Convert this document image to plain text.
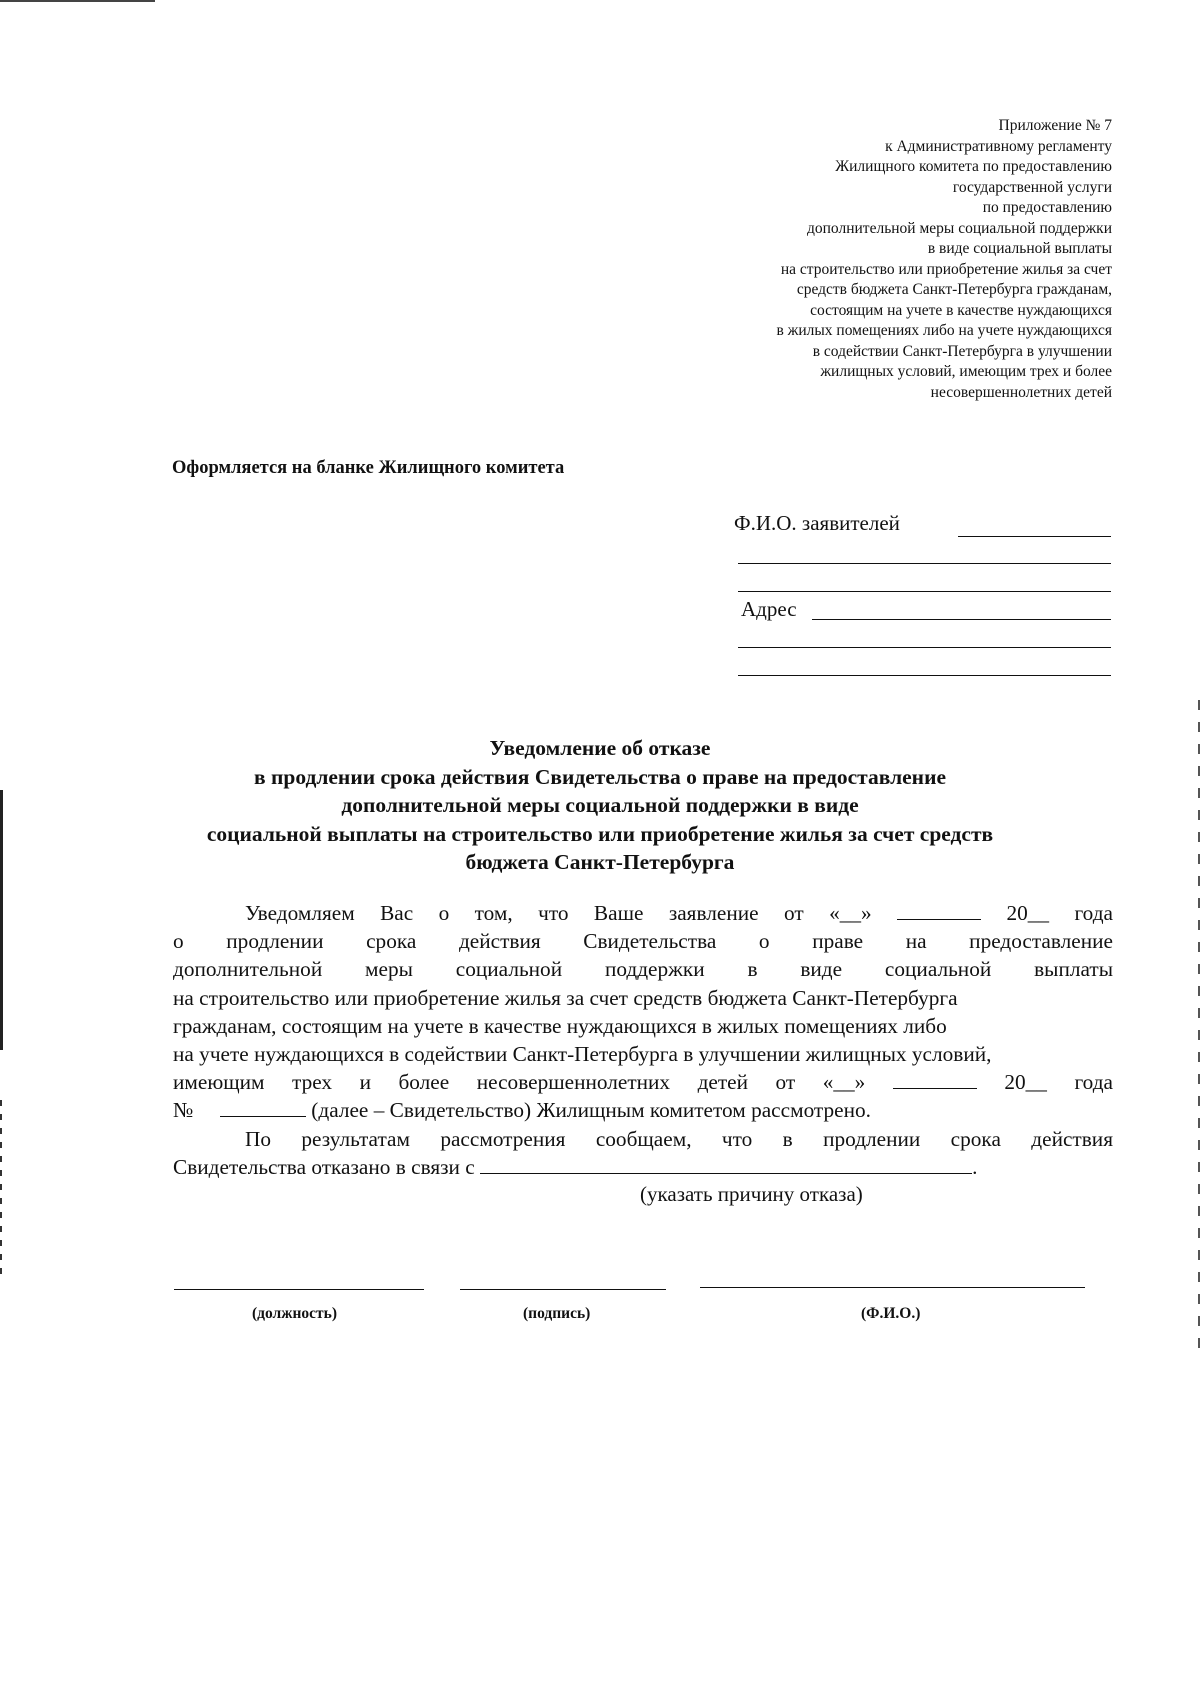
Приложение № 7
к Административному регламенту
Жилищного комитета по предоставлению
государственной услуги
по предоставлению
дополнительной меры социальной поддержки
в виде социальной выплаты
на строительство или приобретение жилья за счет
средств бюджета Санкт-Петербурга гражданам,
состоящим на учете в качестве нуждающихся
в жилых помещениях либо на учете нуждающихся
в содействии Санкт-Петербурга в улучшении
жилищных условий, имеющим трех и более
несовершеннолетних детей
Оформляется на бланке Жилищного комитета
Ф.И.О. заявителей
Адрес
Уведомление об отказе
в продлении срока действия Свидетельства о праве на предоставление
дополнительной меры социальной поддержки в виде
социальной выплаты на строительство или приобретение жилья за счет средств
бюджета Санкт-Петербурга
Уведомляем Вас о том, что Ваше заявление от «__»	20__ года
о продлении срока действия Свидетельства о праве на предоставление
дополнительной меры социальной поддержки в виде социальной выплаты
на строительство или приобретение жилья за счет средств бюджета Санкт-Петербурга
гражданам, состоящим на учете в качестве нуждающихся в жилых помещениях либо
на учете нуждающихся в содействии Санкт-Петербурга в улучшении жилищных условий,
имеющим трех и более несовершеннолетних детей от «__»	20__ года
№	(далее – Свидетельство) Жилищным комитетом рассмотрено.
По результатам рассмотрения сообщаем, что в продлении срока действия
Свидетельства отказано в связи с	.
(указать причину отказа)
(должность)	(подпись)	(Ф.И.О.)
